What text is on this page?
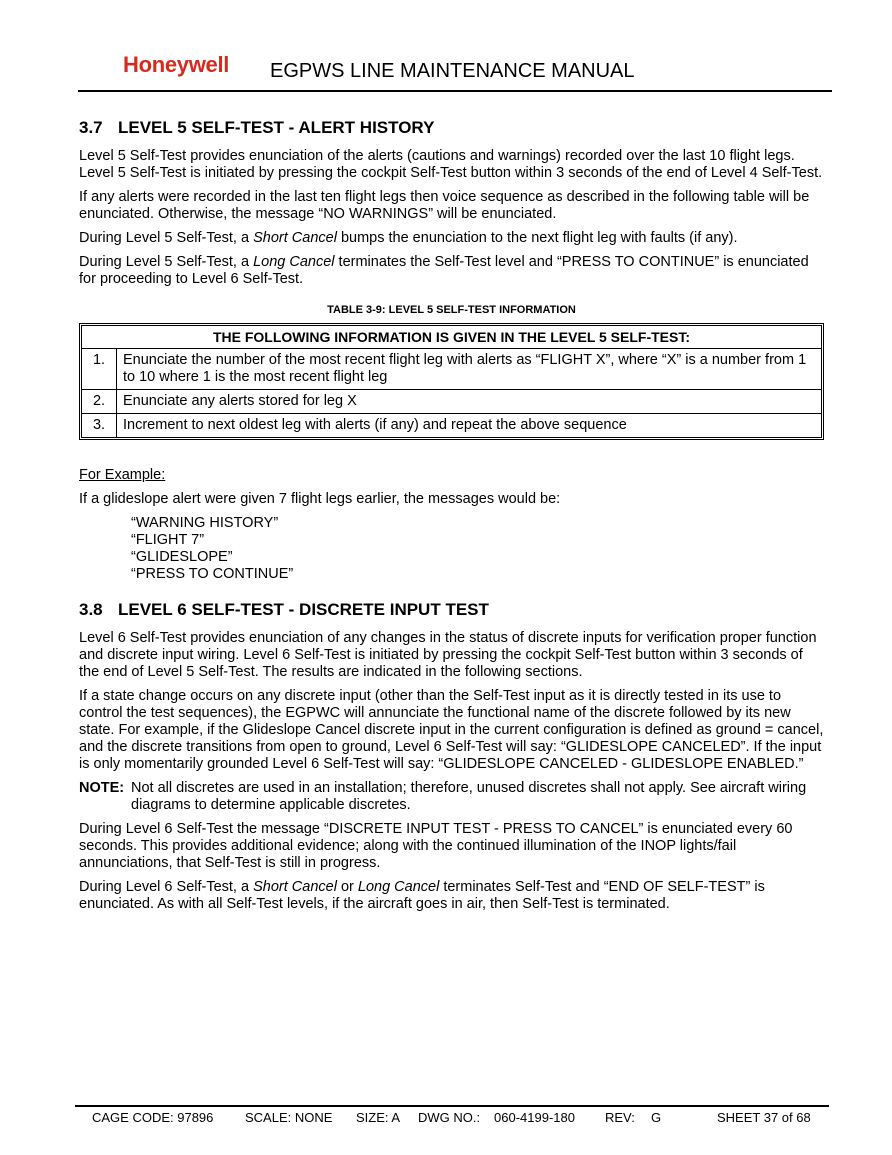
Honeywell EGPWS LINE MAINTENANCE MANUAL
3.7 LEVEL 5 SELF-TEST - ALERT HISTORY

Level 5 Self-Test provides enunciation of the alerts (cautions and warnings) recorded over the last 10 flight legs. Level 5 Self-Test is initiated by pressing the cockpit Self-Test button within 3 seconds of the end of Level 4 Self-Test.

If any alerts were recorded in the last ten flight legs then voice sequence as described in the following table will be enunciated. Otherwise, the message “NO WARNINGS” will be enunciated.

During Level 5 Self-Test, a Short Cancel bumps the enunciation to the next flight leg with faults (if any).

During Level 5 Self-Test, a Long Cancel terminates the Self-Test level and “PRESS TO CONTINUE” is enunciated for proceeding to Level 6 Self-Test.

TABLE 3-9: LEVEL 5 SELF-TEST INFORMATION
THE FOLLOWING INFORMATION IS GIVEN IN THE LEVEL 5 SELF-TEST:	
1.	Enunciate the number of the most recent flight leg with alerts as “FLIGHT X”, where “X” is a number from 1 to 10 where 1 is the most recent flight leg
2.	Enunciate any alerts stored for leg X
3.	Increment to next oldest leg with alerts (if any) and repeat the above sequence

For Example:

If a glideslope alert were given 7 flight legs earlier, the messages would be:

“WARNING HISTORY”
“FLIGHT 7”
“GLIDESLOPE”
“PRESS TO CONTINUE”
3.8 LEVEL 6 SELF-TEST - DISCRETE INPUT TEST

Level 6 Self-Test provides enunciation of any changes in the status of discrete inputs for verification proper function and discrete input wiring. Level 6 Self-Test is initiated by pressing the cockpit Self-Test button within 3 seconds of the end of Level 5 Self-Test. The results are indicated in the following sections.

If a state change occurs on any discrete input (other than the Self-Test input as it is directly tested in its use to control the test sequences), the EGPWC will annunciate the functional name of the discrete followed by its new state. For example, if the Glideslope Cancel discrete input in the current configuration is defined as ground = cancel, and the discrete transitions from open to ground, Level 6 Self-Test will say: “GLIDESLOPE CANCELED”. If the input is only momentarily grounded Level 6 Self-Test will say: “GLIDESLOPE CANCELED - GLIDESLOPE ENABLED.”

NOTE: Not all discretes are used in an installation; therefore, unused discretes shall not apply. See aircraft wiring diagrams to determine applicable discretes.

During Level 6 Self-Test the message “DISCRETE INPUT TEST - PRESS TO CANCEL” is enunciated every 60 seconds. This provides additional evidence; along with the continued illumination of the INOP lights/fail annunciations, that Self-Test is still in progress.

During Level 6 Self-Test, a Short Cancel or Long Cancel terminates Self-Test and “END OF SELF-TEST” is enunciated. As with all Self-Test levels, if the aircraft goes in air, then Self-Test is terminated.

CAGE CODE: 97896 SCALE: NONE SIZE: A DWG NO.: 060-4199-180 REV: G	SHEET 37 of 68
